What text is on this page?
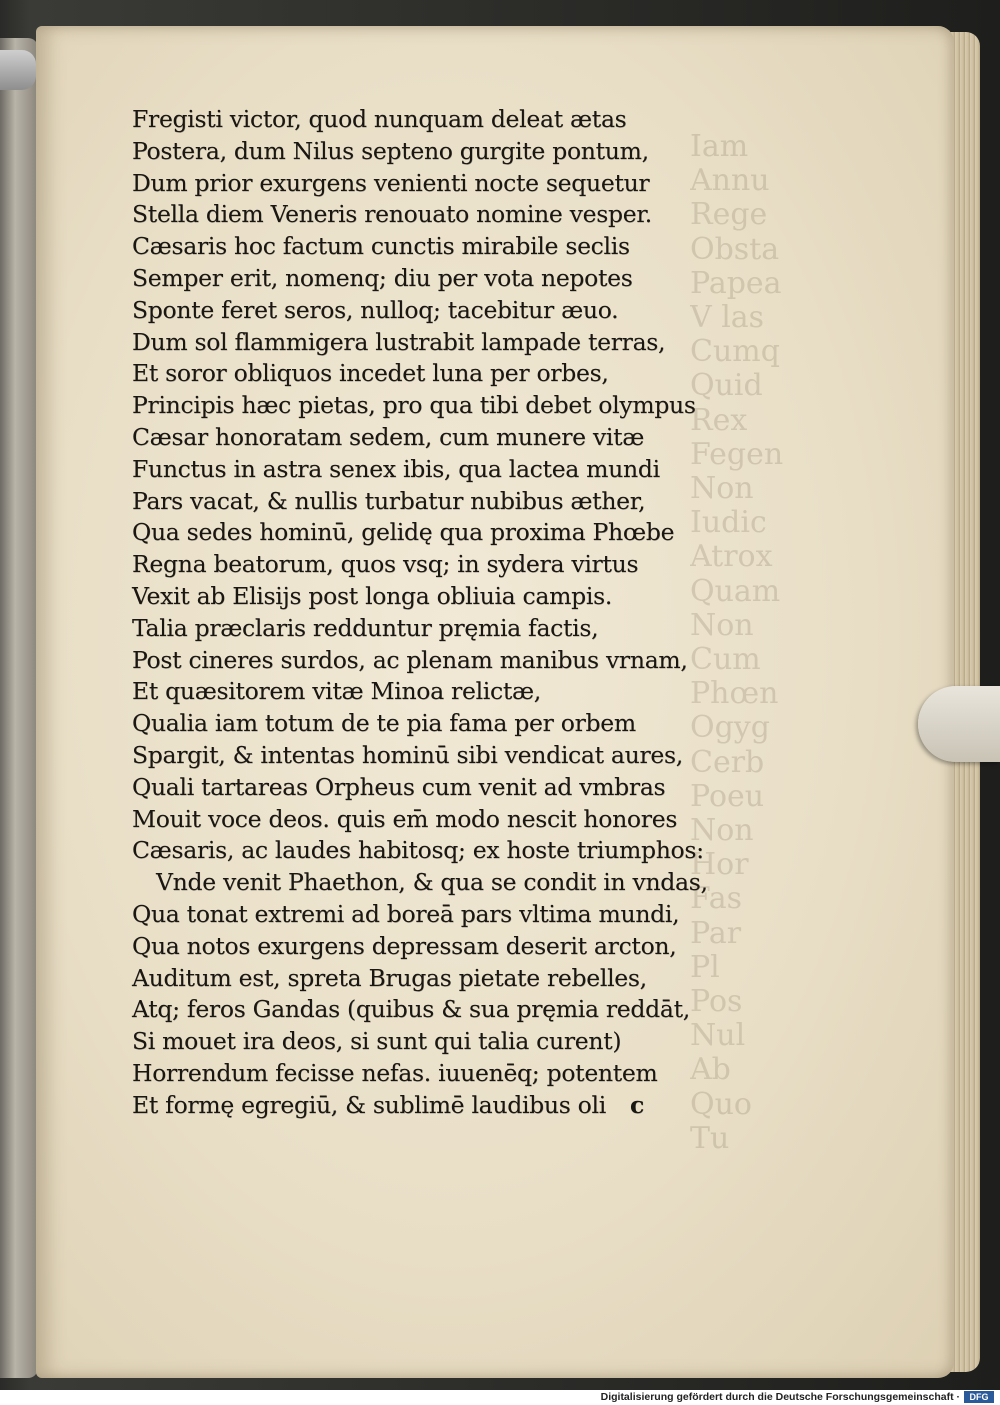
Iam
Annu
Rege
Obsta
Papea
V las
Cumq
Quid
Rex
Fegen
Non
Iudic
Atrox
Quam
Non
Cum
Phœn
Ogyg
Cerb
Poeu
Non
Hor
Fas
Par
Pl
Pos
Nul
Ab
Quo
Tu
Fregisti victor, quod nunquam deleat ætas
Postera, dum Nilus septeno gurgite pontum,
Dum prior exurgens venienti nocte sequetur
Stella diem Veneris renouato nomine vesper.
Cæsaris hoc factum cunctis mirabile seclis
Semper erit, nomenq; diu per vota nepotes
Sponte feret seros, nulloq; tacebitur æuo.
Dum sol flammigera lustrabit lampade terras,
Et soror obliquos incedet luna per orbes,
Principis hæc pietas, pro qua tibi debet olympus
Cæsar honoratam sedem, cum munere vitæ
Functus in astra senex ibis, qua lactea mundi
Pars vacat, & nullis turbatur nubibus æther,
Qua sedes hominū, gelidę qua proxima Phœbe
Regna beatorum, quos vsq; in sydera virtus
Vexit ab Elisijs post longa obliuia campis.
Talia præclaris redduntur pręmia factis,
Post cineres surdos, ac plenam manibus vrnam,
Et quæsitorem vitæ Minoa relictæ,
Qualia iam totum de te pia fama per orbem
Spargit, & intentas hominū sibi vendicat aures,
Quali tartareas Orpheus cum venit ad vmbras
Mouit voce deos. quis em̄ modo nescit honores
Cæsaris, ac laudes habitosq; ex hoste triumphos:
Vnde venit Phaethon, & qua se condit in vndas,
Qua tonat extremi ad boreā pars vltima mundi,
Qua notos exurgens depressam deserit arcton,
Auditum est, spreta Brugas pietate rebelles,
Atq; feros Gandas (quibus & sua pręmia reddāt,
Si mouet ira deos, si sunt qui talia curent)
Horrendum fecisse nefas. iuuenēq; potentem
Et formę egregiū, & sublimē laudibus oli c
Digitalisierung gefördert durch die Deutsche Forschungsgemeinschaft ·	DFG
